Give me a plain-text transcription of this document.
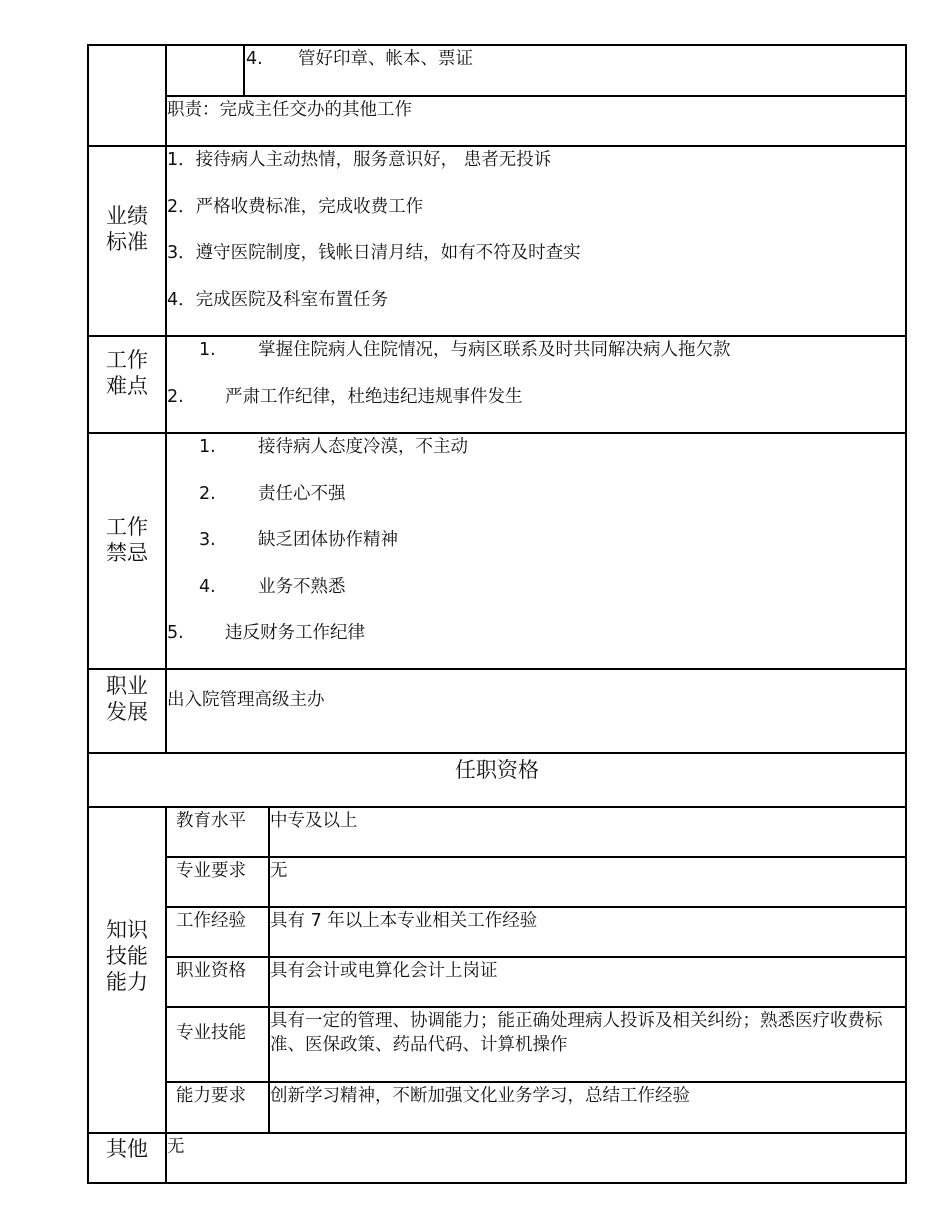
4. 管好印章、帐本、票证
职责：完成主任交办的其他工作
业绩
标准
1．接待病人主动热情，服务意识好， 患者无投诉
2．严格收费标准，完成收费工作
3．遵守医院制度，钱帐日清月结，如有不符及时查实
4．完成医院及科室布置任务
工作
难点
1. 掌握住院病人住院情况，与病区联系及时共同解决病人拖欠款
2. 严肃工作纪律，杜绝违纪违规事件发生
工作
禁忌
1. 接待病人态度冷漠，不主动
2. 责任心不强
3. 缺乏团体协作精神
4. 业务不熟悉
5. 违反财务工作纪律
职业
发展	出入院管理高级主办
任职资格
知识
技能
能力
教育水平 中专及以上
专业要求 无
工作经验 具有 7 年以上本专业相关工作经验
职业资格 具有会计或电算化会计上岗证
专业技能
具有一定的管理、协调能力；能正确处理病人投诉及相关纠纷；熟悉医疗收费标准、医保政策、药品代码、计算机操作
能力要求 创新学习精神，不断加强文化业务学习，总结工作经验
其他	无
